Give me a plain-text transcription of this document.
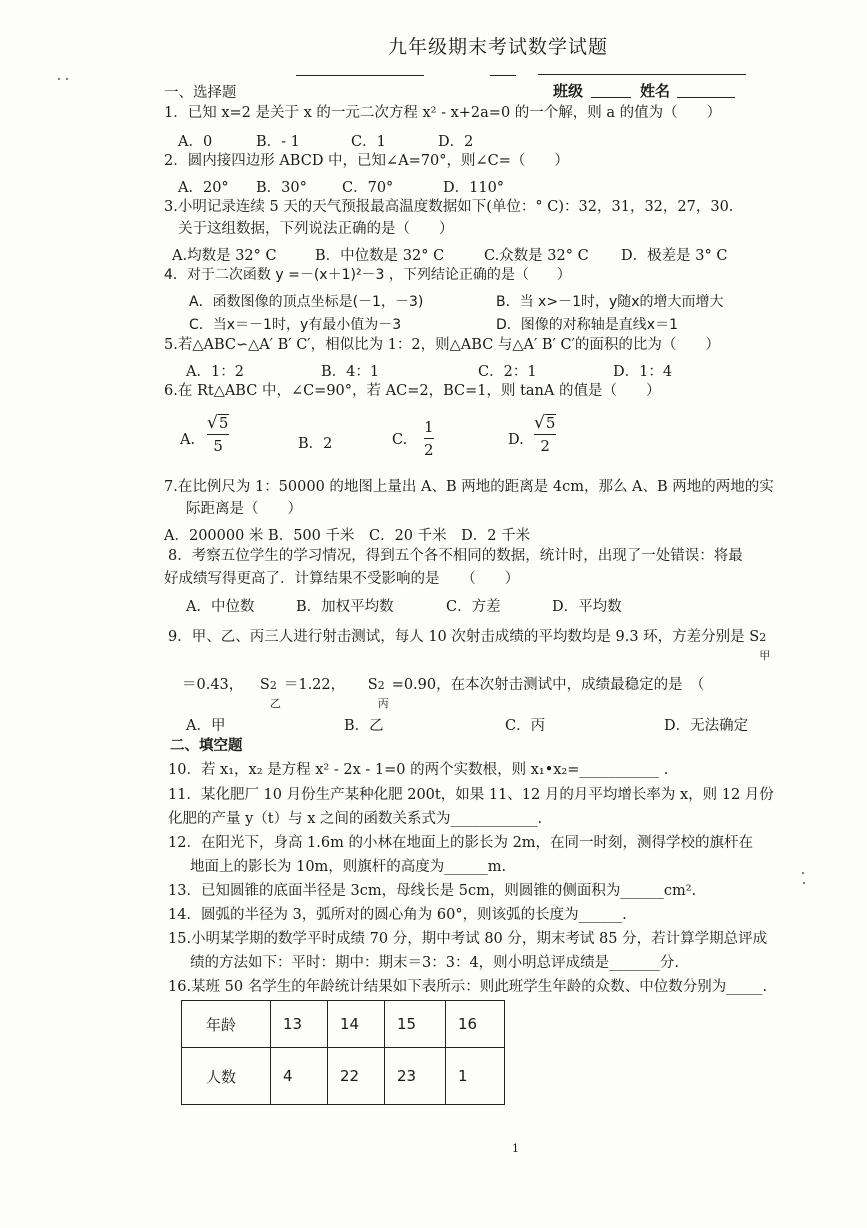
九年级期末考试数学试题
一、选择题	班级	姓名
1．已知 x=2 是关于 x 的一元二次方程 x² - x+2a=0 的一个解，则 a 的值为（　　）
A．0	B．- 1	C．1	D．2
2．圆内接四边形 ABCD 中，已知∠A=70°，则∠C=（　　）
A．20° B．30° C．70°	D．110°
3.小明记录连续 5 天的天气预报最高温度数据如下(单位：° C)：32，31，32，27，30.
关于这组数据，下列说法正确的是（　　）
A.均数是 32° C	B．中位数是 32° C	C.众数是 32° C D．极差是 3° C
4．对于二次函数 y =－(x＋1)²－3 ，下列结论正确的是（　　）
A．函数图像的顶点坐标是(－1，－3)	B．当 x>－1时，y随x的增大而增大
C．当x＝－1时，y有最小值为－3	D．图像的对称轴是直线x＝1
5.若△ABC∽△A′ B′ C′，相似比为 1：2，则△ABC 与△A′ B′ C′的面积的比为（　　）
A．1：2	B．4：1	C．2：1	D．1：4
6.在 Rt△ABC 中，∠C=90°，若 AC=2，BC=1，则 tanA 的值是（　　）
A.
√ 5
5	B．2	C.
1
2
D.
√ 5
2
7.在比例尺为 1：50000 的地图上量出 A、B 两地的距离是 4cm，那么 A、B 两地的两地的实
际距离是（　　）
A．200000 米 B．500 千米　C．20 千米　D．2 千米
8．考察五位学生的学习情况，得到五个各不相同的数据，统计时，出现了一处错误：将最
好成绩写得更高了．计算结果不受影响的是　　（　　）
A．中位数	B．加权平均数	C．方差	D．平均数
9．甲、乙、丙三人进行射击测试，每人 10 次射击成绩的平均数均是 9.3 环，方差分别是 S 2
甲
＝0.43， S 2
乙
＝1.22， S 2
丙
=0.90，在本次射击测试中，成绩最稳定的是　（
A．甲	B．乙	C．丙	D．无法确定
二、填空题
10．若 x₁，x₂ 是方程 x² - 2x - 1=0 的两个实数根，则 x₁•x₂=___________ .
11．某化肥厂 10 月份生产某种化肥 200t，如果 11、12 月的月平均增长率为 x，则 12 月份
化肥的产量 y（t）与 x 之间的函数关系式为____________.
12．在阳光下，身高 1.6m 的小林在地面上的影长为 2m，在同一时刻，测得学校的旗杆在
地面上的影长为 10m，则旗杆的高度为______m.
13．已知圆锥的底面半径是 3cm，母线长是 5cm，则圆锥的侧面积为______cm².
14．圆弧的半径为 3，弧所对的圆心角为 60°，则该弧的长度为______.
15.小明某学期的数学平时成绩 70 分，期中考试 80 分，期末考试 85 分，若计算学期总评成
绩的方法如下：平时：期中：期末＝3：3：4，则小明总评成绩是_______分.
16.某班 50 名学生的年龄统计结果如下表所示：则此班学生年龄的众数、中位数分别为_____.
年龄	13	14	15	16
人数	4	22	23	1
1
